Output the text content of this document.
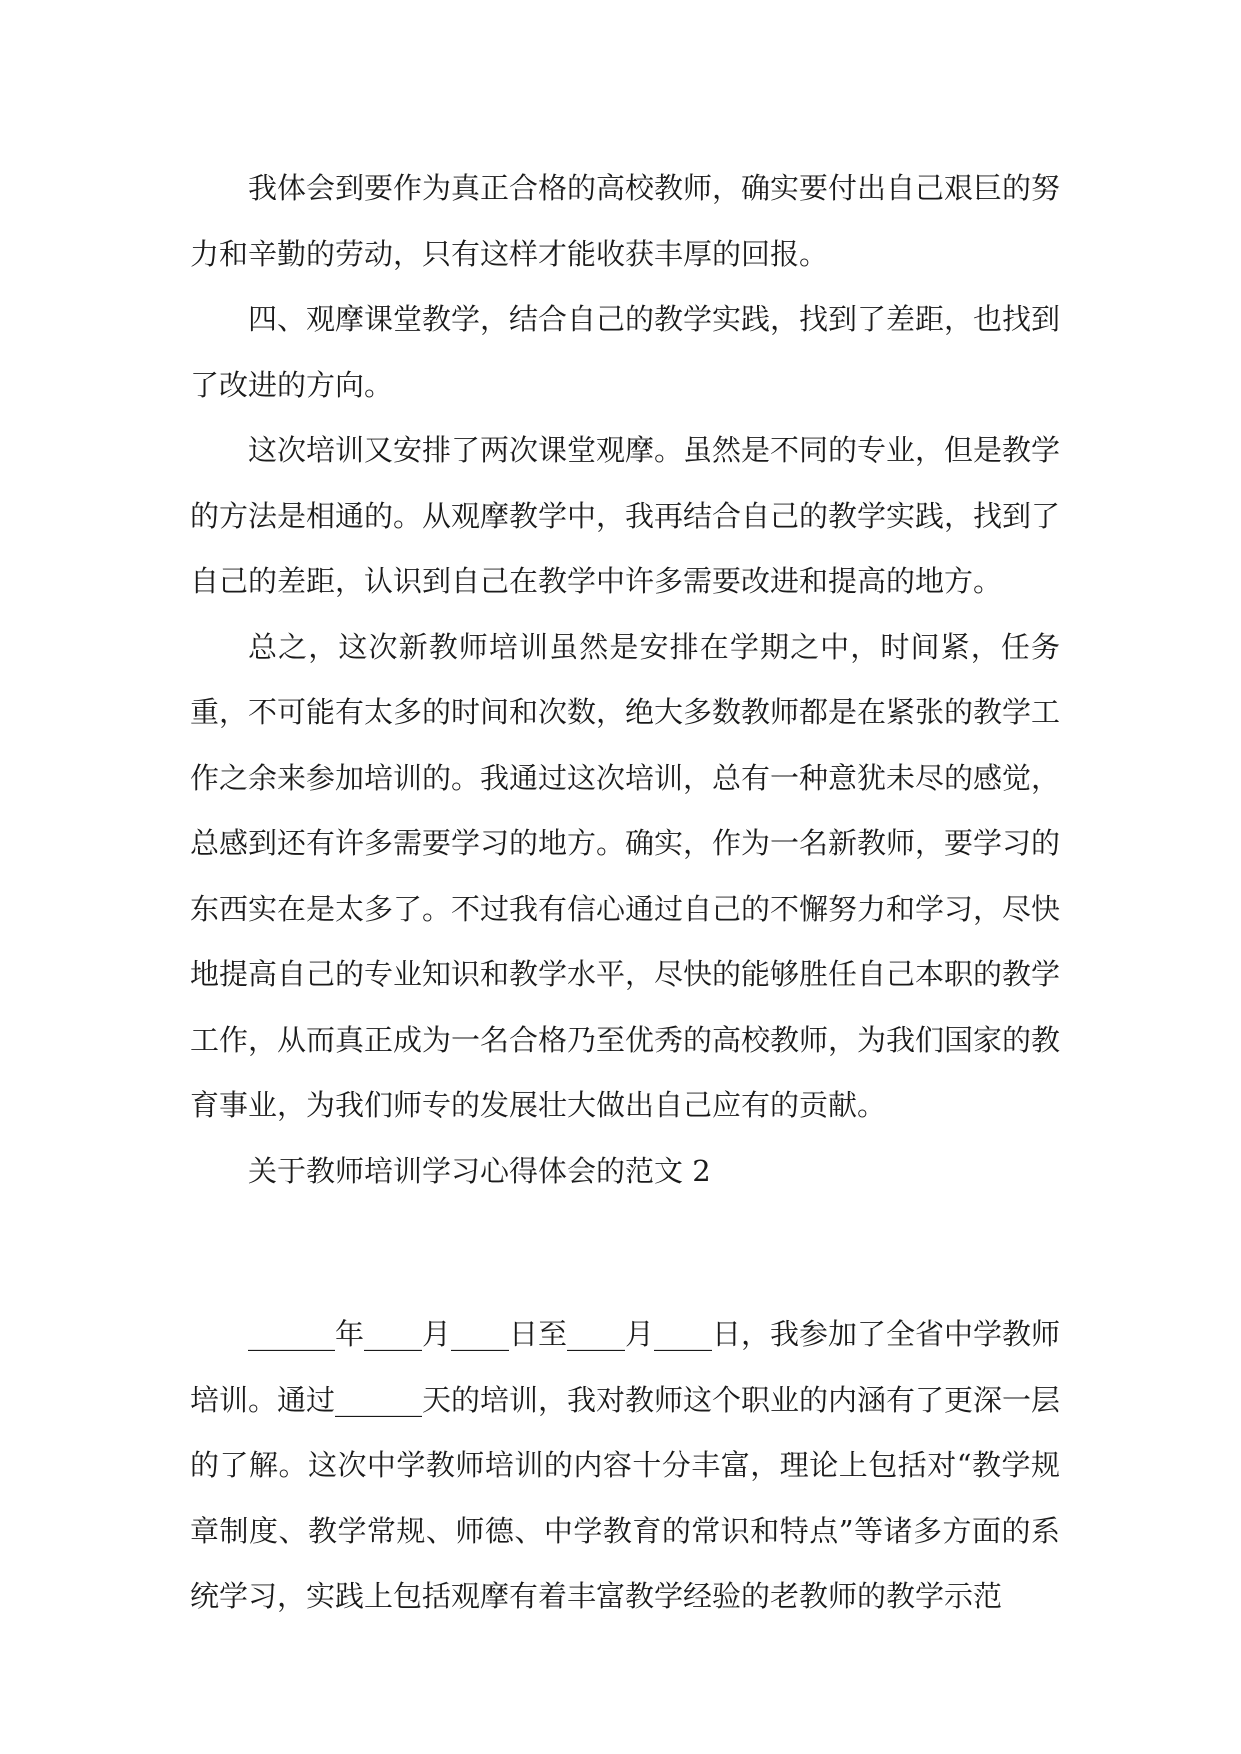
我体会到要作为真正合格的高校教师，确实要付出自己艰巨的努力和辛勤的劳动，只有这样才能收获丰厚的回报。

四、观摩课堂教学，结合自己的教学实践，找到了差距，也找到了改进的方向。

这次培训又安排了两次课堂观摩。虽然是不同的专业，但是教学的方法是相通的。从观摩教学中，我再结合自己的教学实践，找到了自己的差距，认识到自己在教学中许多需要改进和提高的地方。

总之，这次新教师培训虽然是安排在学期之中，时间紧，任务重，不可能有太多的时间和次数，绝大多数教师都是在紧张的教学工作之余来参加培训的。我通过这次培训，总有一种意犹未尽的感觉，总感到还有许多需要学习的地方。确实，作为一名新教师，要学习的东西实在是太多了。不过我有信心通过自己的不懈努力和学习，尽快地提高自己的专业知识和教学水平，尽快的能够胜任自己本职的教学工作，从而真正成为一名合格乃至优秀的高校教师，为我们国家的教育事业，为我们师专的发展壮大做出自己应有的贡献。

关于教师培训学习心得体会的范文 2

______年____月____日至____月____日，我参加了全省中学教师培训。通过______天的培训，我对教师这个职业的内涵有了更深一层的了解。这次中学教师培训的内容十分丰富，理论上包括对“教学规章制度、教学常规、师德、中学教育的常识和特点”等诸多方面的系统学习，实践上包括观摩有着丰富教学经验的老教师的教学示范
